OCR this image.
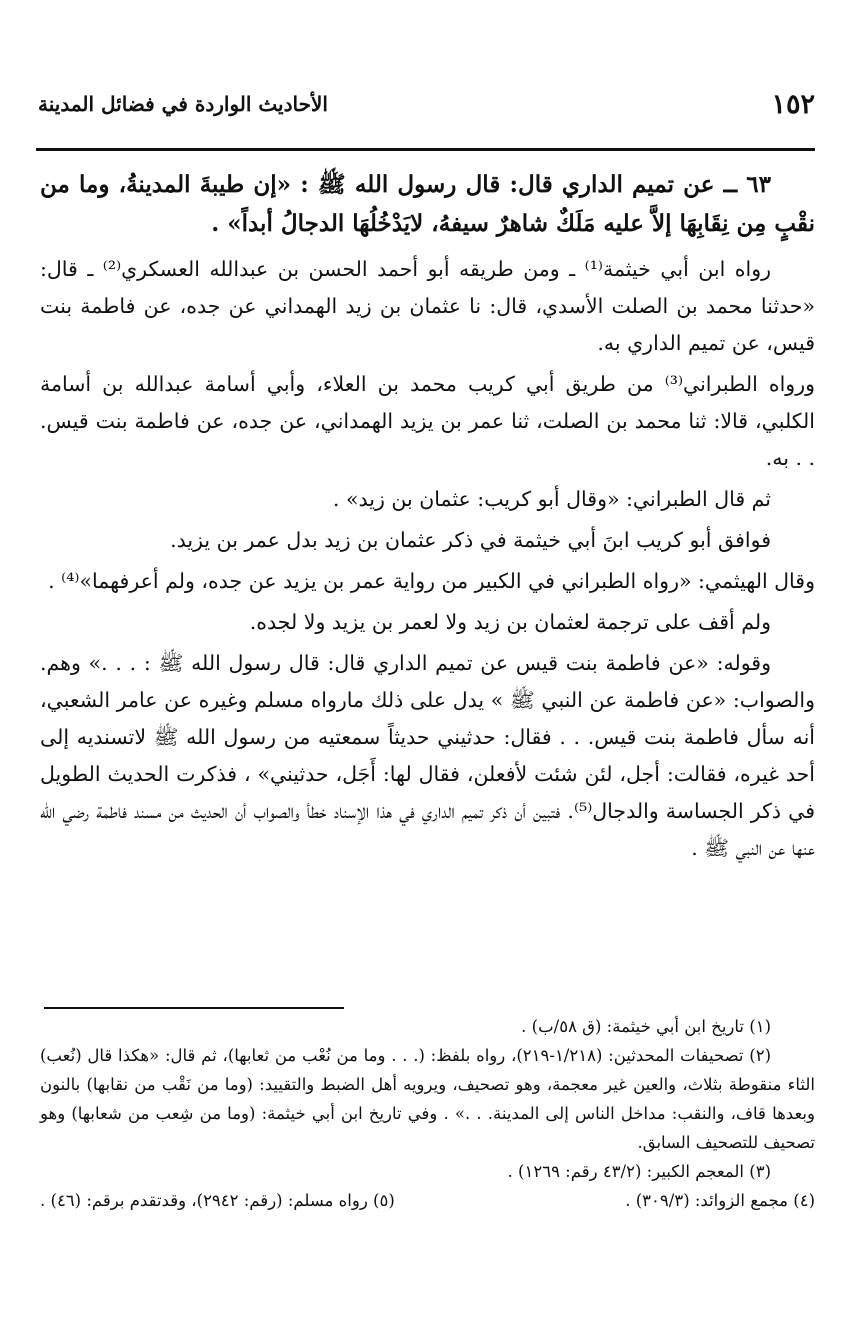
١٥٢
الأحاديث الواردة في فضائل المدينة

٦٣ ــ عن تميم الداري قال: قال رسول الله ﷺ : «إن طيبةَ المدينةُ، وما من نقْبٍ مِن نِقَابِهَا إلاَّ عليه مَلَكٌ شاهرٌ سيفهُ، لايَدْخُلُهَا الدجالُ أبداً» .

رواه ابن أبي خيثمة⁽¹⁾ ـ ومن طريقه أبو أحمد الحسن بن عبدالله العسكري⁽²⁾ ـ قال: «حدثنا محمد بن الصلت الأسدي، قال: نا عثمان بن زيد الهمداني عن جده، عن فاطمة بنت قيس، عن تميم الداري به.

ورواه الطبراني⁽³⁾ من طريق أبي كريب محمد بن العلاء، وأبي أسامة عبدالله بن أسامة الكلبي، قالا: ثنا محمد بن الصلت، ثنا عمر بن يزيد الهمداني، عن جده، عن فاطمة بنت قيس. . . به.

ثم قال الطبراني: «وقال أبو كريب: عثمان بن زيد» .

فوافق أبو كريب ابنَ أبي خيثمة في ذكر عثمان بن زيد بدل عمر بن يزيد.

وقال الهيثمي: «رواه الطبراني في الكبير من رواية عمر بن يزيد عن جده، ولم أعرفهما»⁽⁴⁾ .

ولم أقف على ترجمة لعثمان بن زيد ولا لعمر بن يزيد ولا لجده.

وقوله: «عن فاطمة بنت قيس عن تميم الداري قال: قال رسول الله ﷺ : . . .» وهم. والصواب: «عن فاطمة عن النبي ﷺ » يدل على ذلك مارواه مسلم وغيره عن عامر الشعبي، أنه سأل فاطمة بنت قيس. . . فقال: حدثيني حديثاً سمعتيه من رسول الله ﷺ لاتسنديه إلى أحد غيره، فقالت: أجل، لئن شئت لأفعلن، فقال لها: أَجَل، حدثيني» ، فذكرت الحديث الطويل في ذكر الجساسة والدجال⁽⁵⁾. فتبين أن ذكر تميم الداري في هذا الإسناد خطأ والصواب أن الحديث من مسند فاطمة رضي الله عنها عن النبي ﷺ .

(١) تاريخ ابن أبي خيثمة: (ق ٥٨/ب) .

(٢) تصحيفات المحدثين: (١/٢١٨-٢١٩)، رواه بلفظ: (. . . وما من نُعْب من ثعابها)، ثم قال: «هكذا قال (نُعب) الثاء منقوطة بثلاث، والعين غير معجمة، وهو تصحيف، ويرويه أهل الضبط والتقييد: (وما من نَقْب من نقابها) بالنون وبعدها قاف، والنقب: مداخل الناس إلى المدينة. . .» . وفي تاريخ ابن أبي خيثمة: (وما من شِعب من شعابها) وهو تصحيف للتصحيف السابق.

(٣) المعجم الكبير: (٤٣/٢ رقم: ١٢٦٩) .

(٤) مجمع الزوائد: (٣٠٩/٣) .
(٥) رواه مسلم: (رقم: ٢٩٤٢)، وقدتقدم برقم: (٤٦) .
